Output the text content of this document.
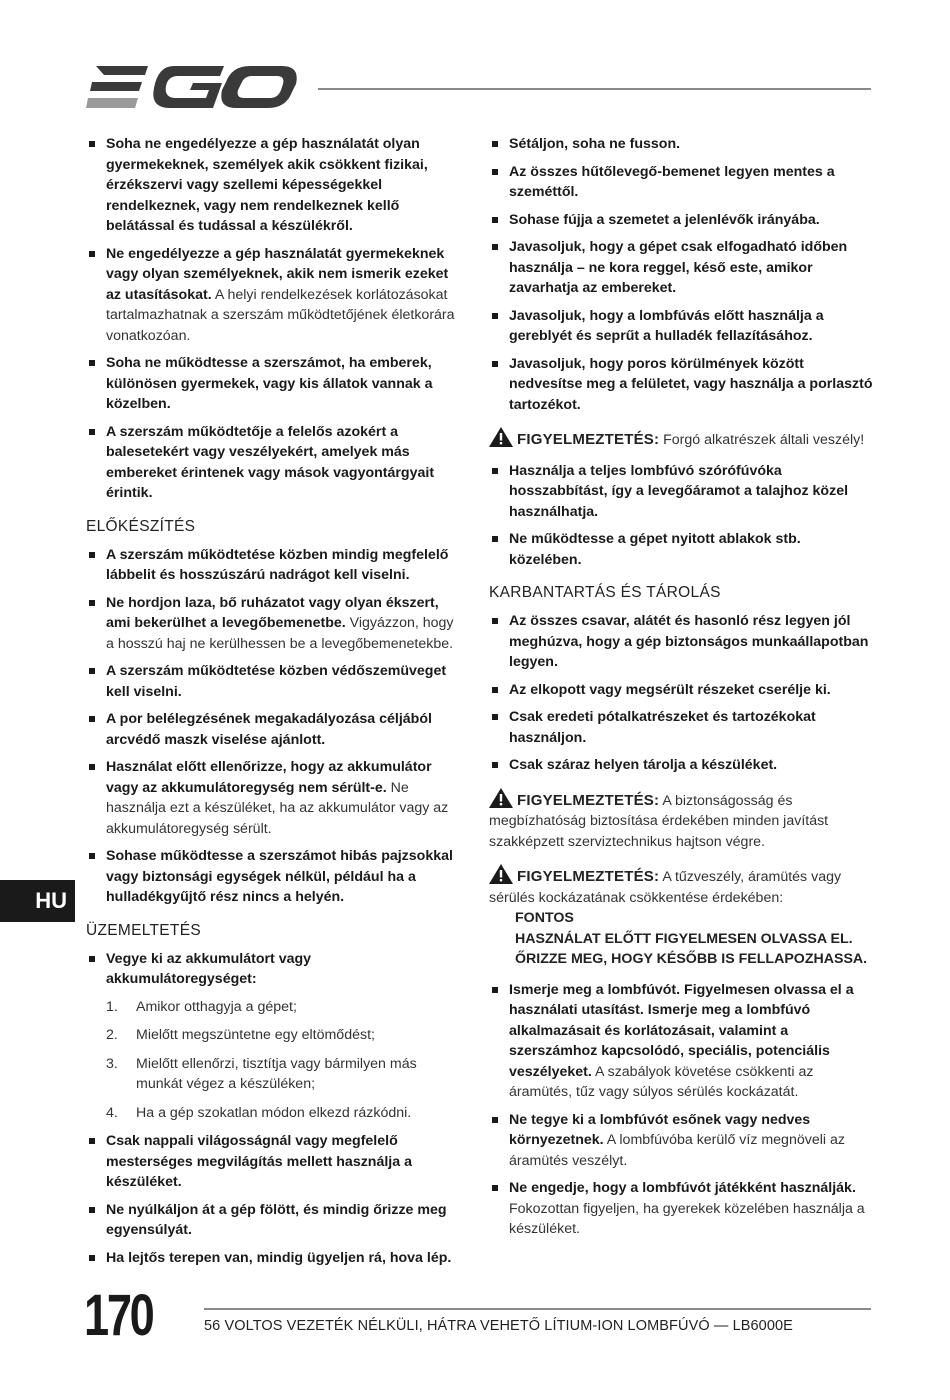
Soha ne engedélyezze a gép használatát olyan gyermekeknek, személyek akik csökkent fizikai, érzékszervi vagy szellemi képességekkel rendelkeznek, vagy nem rendelkeznek kellő belátással és tudással a készülékről.
Ne engedélyezze a gép használatát gyermekeknek vagy olyan személyeknek, akik nem ismerik ezeket az utasításokat. A helyi rendelkezések korlátozásokat tartalmazhatnak a szerszám működtetőjének életkorára vonatkozóan.
Soha ne működtesse a szerszámot, ha emberek, különösen gyermekek, vagy kis állatok vannak a közelben.
A szerszám működtetője a felelős azokért a balesetekért vagy veszélyekért, amelyek más embereket érintenek vagy mások vagyontárgyait érintik.
ELŐKÉSZÍTÉS
A szerszám működtetése közben mindig megfelelő lábbelit és hosszúszárú nadrágot kell viselni.
Ne hordjon laza, bő ruházatot vagy olyan ékszert, ami bekerülhet a levegőbemenetbe. Vigyázzon, hogy a hosszú haj ne kerülhessen be a levegőbemenetekbe.
A szerszám működtetése közben védőszemüveget kell viselni.
A por belélegzésének megakadályozása céljából arcvédő maszk viselése ajánlott.
Használat előtt ellenőrizze, hogy az akkumulátor vagy az akkumulátoregység nem sérült-e. Ne használja ezt a készüléket, ha az akkumulátor vagy az akkumulátoregység sérült.
Sohase működtesse a szerszámot hibás pajzsokkal vagy biztonsági egységek nélkül, például ha a hulladékgyűjtő rész nincs a helyén.
ÜZEMELTETÉS
Vegye ki az akkumulátort vagy akkumulátoregységet:
1. Amikor otthagyja a gépet;
2. Mielőtt megszüntetne egy eltömődést;
3. Mielőtt ellenőrzi, tisztítja vagy bármilyen más munkát végez a készüléken;
4. Ha a gép szokatlan módon elkezd rázkódni.
Csak nappali világosságnál vagy megfelelő mesterséges megvilágítás mellett használja a készüléket.
Ne nyúlkáljon át a gép fölött, és mindig őrizze meg egyensúlyát.
Ha lejtős terepen van, mindig ügyeljen rá, hova lép.
Sétáljon, soha ne fusson.
Az összes hűtőlevegő-bemenet legyen mentes a szeméttől.
Sohase fújja a szemetet a jelenlévők irányába.
Javasoljuk, hogy a gépet csak elfogadható időben használja – ne kora reggel, késő este, amikor zavarhatja az embereket.
Javasoljuk, hogy a lombfúvás előtt használja a gereblyét és seprűt a hulladék fellazításához.
Javasoljuk, hogy poros körülmények között nedvesítse meg a felületet, vagy használja a porlasztó tartozékot.
FIGYELMEZTETÉS: Forgó alkatrészek általi veszély!
Használja a teljes lombfúvó szórófúvóka hosszabbítást, így a levegőáramot a talajhoz közel használhatja.
Ne működtesse a gépet nyitott ablakok stb. közelében.
KARBANTARTÁS ÉS TÁROLÁS
Az összes csavar, alátét és hasonló rész legyen jól meghúzva, hogy a gép biztonságos munkaállapotban legyen.
Az elkopott vagy megsérült részeket cserélje ki.
Csak eredeti pótalkatrészeket és tartozékokat használjon.
Csak száraz helyen tárolja a készüléket.
FIGYELMEZTETÉS: A biztonságosság és megbízhatóság biztosítása érdekében minden javítást szakképzett szerviztechnikus hajtson végre.
FIGYELMEZTETÉS: A tűzveszély, áramütés vagy sérülés kockázatának csökkentése érdekében:
FONTOS
HASZNÁLAT ELŐTT FIGYELMESEN OLVASSA EL. ŐRIZZE MEG, HOGY KÉSŐBB IS FELLAPOZHASSA.
Ismerje meg a lombfúvót. Figyelmesen olvassa el a használati utasítást. Ismerje meg a lombfúvó alkalmazásait és korlátozásait, valamint a szerszámhoz kapcsolódó, speciális, potenciális veszélyeket. A szabályok követése csökkenti az áramütés, tűz vagy súlyos sérülés kockázatát.
Ne tegye ki a lombfúvót esőnek vagy nedves környezetnek. A lombfúvóba kerülő víz megnöveli az áramütés veszélyt.
Ne engedje, hogy a lombfúvót játékként használják. Fokozottan figyeljen, ha gyerekek közelében használja a készüléket.
HU
170	56 VOLTOS VEZETÉK NÉLKÜLI, HÁTRA VEHETŐ LÍTIUM-ION LOMBFÚVÓ — LB6000E
